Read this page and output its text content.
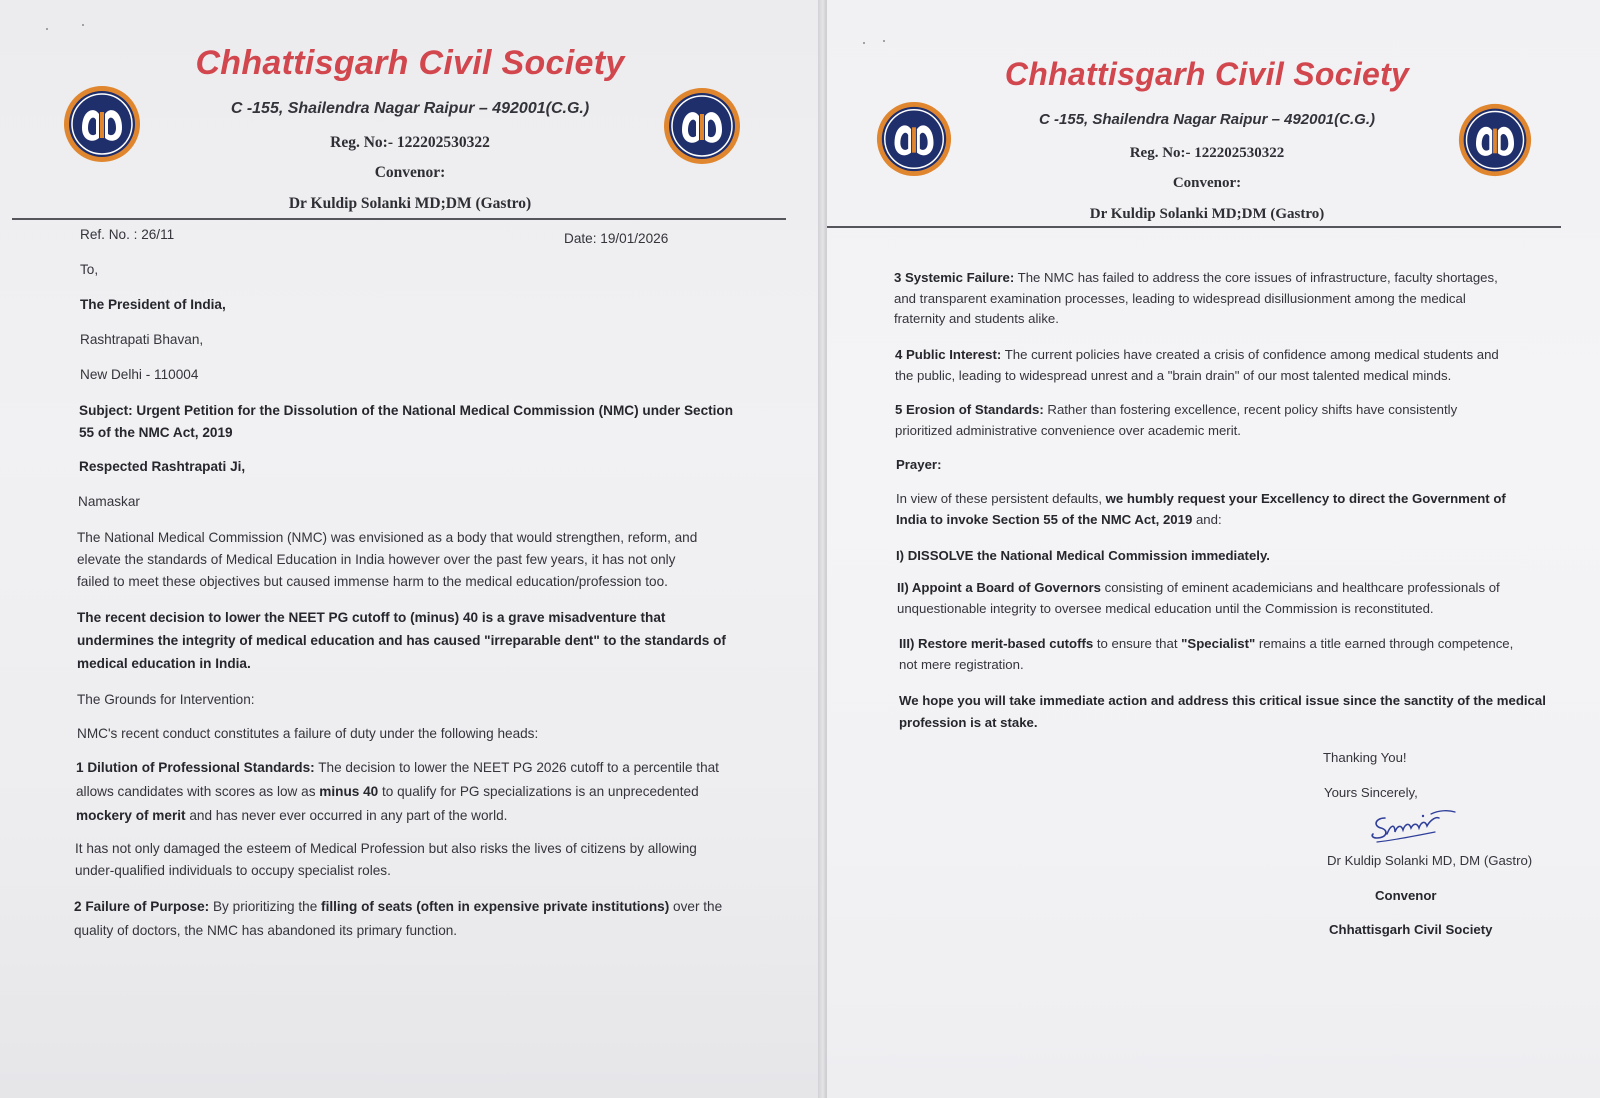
Chhattisgarh Civil Society
C -155, Shailendra Nagar Raipur – 492001(C.G.)
Reg. No:- 122202530322
Convenor:
Dr Kuldip Solanki MD;DM (Gastro)
Ref. No. : 26/11	Date: 19/01/2026
To,
The President of India,
Rashtrapati Bhavan,
New Delhi - 110004
Subject: Urgent Petition for the Dissolution of the National Medical Commission (NMC) under Section
55 of the NMC Act, 2019
Respected Rashtrapati Ji,
Namaskar
The National Medical Commission (NMC) was envisioned as a body that would strengthen, reform, and
elevate the standards of Medical Education in India however over the past few years, it has not only
failed to meet these objectives but caused immense harm to the medical education/profession too.
The recent decision to lower the NEET PG cutoff to (minus) 40 is a grave misadventure that
undermines the integrity of medical education and has caused "irreparable dent" to the standards of
medical education in India.
The Grounds for Intervention:
NMC's recent conduct constitutes a failure of duty under the following heads:
1 Dilution of Professional Standards: The decision to lower the NEET PG 2026 cutoff to a percentile that
allows candidates with scores as low as minus 40 to qualify for PG specializations is an unprecedented
mockery of merit and has never ever occurred in any part of the world.
It has not only damaged the esteem of Medical Profession but also risks the lives of citizens by allowing
under-qualified individuals to occupy specialist roles.
2 Failure of Purpose: By prioritizing the filling of seats (often in expensive private institutions) over the
quality of doctors, the NMC has abandoned its primary function.
Chhattisgarh Civil Society
C -155, Shailendra Nagar Raipur – 492001(C.G.)
Reg. No:- 122202530322
Convenor:
Dr Kuldip Solanki MD;DM (Gastro)
3 Systemic Failure: The NMC has failed to address the core issues of infrastructure, faculty shortages,
and transparent examination processes, leading to widespread disillusionment among the medical
fraternity and students alike.
4 Public Interest: The current policies have created a crisis of confidence among medical students and
the public, leading to widespread unrest and a "brain drain" of our most talented medical minds.
5 Erosion of Standards: Rather than fostering excellence, recent policy shifts have consistently
prioritized administrative convenience over academic merit.
Prayer:
In view of these persistent defaults, we humbly request your Excellency to direct the Government of
India to invoke Section 55 of the NMC Act, 2019 and:
I) DISSOLVE the National Medical Commission immediately.
II) Appoint a Board of Governors consisting of eminent academicians and healthcare professionals of
unquestionable integrity to oversee medical education until the Commission is reconstituted.
III) Restore merit-based cutoffs to ensure that "Specialist" remains a title earned through competence,
not mere registration.
We hope you will take immediate action and address this critical issue since the sanctity of the medical
profession is at stake.
Thanking You!
Yours Sincerely,
Dr Kuldip Solanki MD, DM (Gastro)
Convenor
Chhattisgarh Civil Society
